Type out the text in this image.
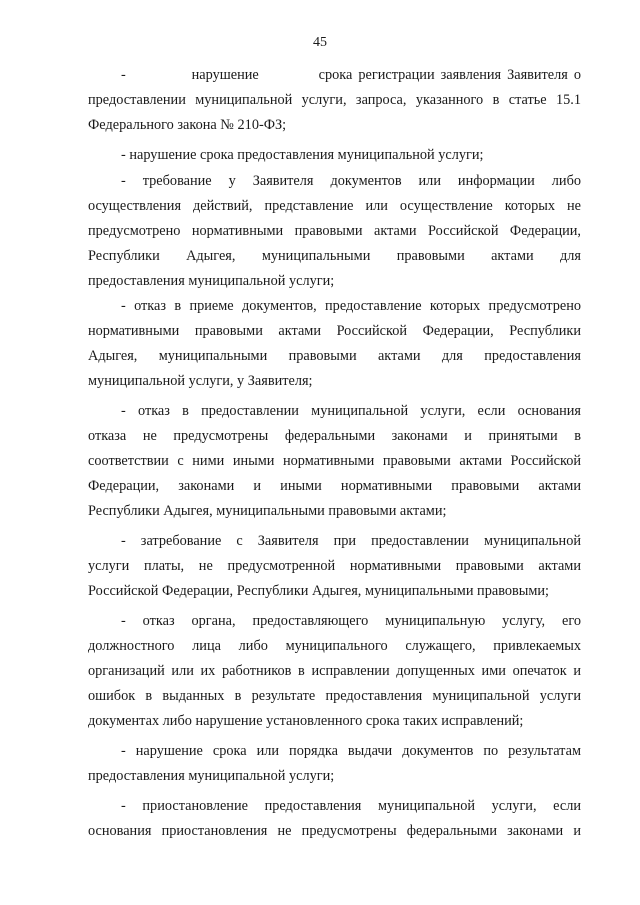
45
-           нарушение          срока регистрации заявления Заявителя о
предоставлении муниципальной услуги, запроса, указанного в статье 15.1
Федерального закона № 210-ФЗ;
- нарушение срока предоставления муниципальной услуги;
- требование у Заявителя документов или информации либо
осуществления действий, представление или осуществление которых не
предусмотрено нормативными правовыми актами Российской Федерации,
Республики Адыгея, муниципальными правовыми актами для
предоставления муниципальной услуги;
- отказ в приеме документов, предоставление которых предусмотрено
нормативными правовыми актами Российской Федерации, Республики
Адыгея, муниципальными правовыми актами для предоставления
муниципальной услуги, у Заявителя;
- отказ в предоставлении муниципальной услуги, если основания
отказа не предусмотрены федеральными законами и принятыми в
соответствии с ними иными нормативными правовыми актами Российской
Федерации, законами и иными нормативными правовыми актами
Республики Адыгея, муниципальными правовыми актами;
- затребование с Заявителя при предоставлении муниципальной
услуги платы, не предусмотренной нормативными правовыми актами
Российской Федерации, Республики Адыгея, муниципальными правовыми;
- отказ органа, предоставляющего муниципальную услугу, его
должностного лица либо муниципального служащего, привлекаемых
организаций или их работников в исправлении допущенных ими опечаток и
ошибок в выданных в результате предоставления муниципальной услуги
документах либо нарушение установленного срока таких исправлений;
- нарушение срока или порядка выдачи документов по результатам
предоставления муниципальной услуги;
- приостановление предоставления муниципальной услуги, если
основания приостановления не предусмотрены федеральными законами и
